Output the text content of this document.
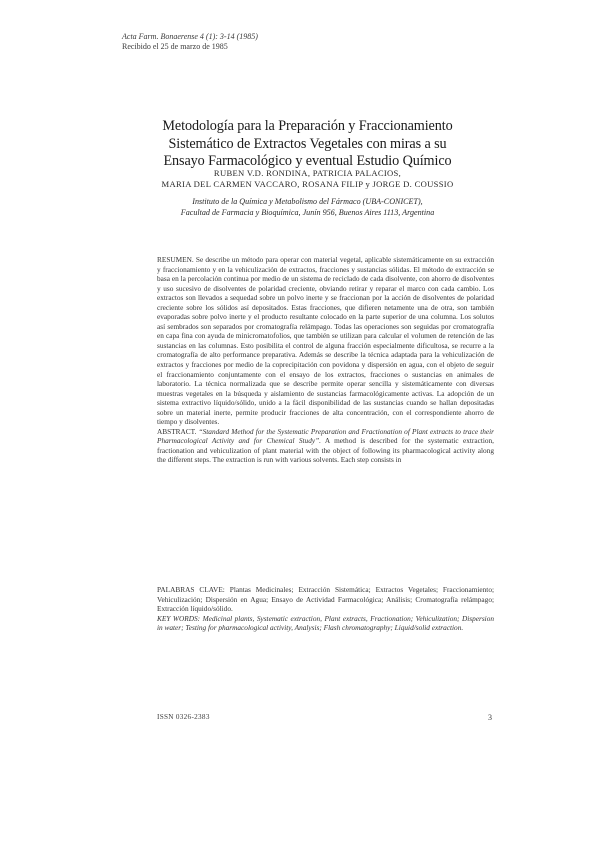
Acta Farm. Bonaerense 4 (1): 3-14 (1985)
Recibido el 25 de marzo de 1985
Metodología para la Preparación y Fraccionamiento
Sistemático de Extractos Vegetales con miras a su
Ensayo Farmacológico y eventual Estudio Químico
RUBEN V.D. RONDINA, PATRICIA PALACIOS,
MARIA DEL CARMEN VACCARO, ROSANA FILIP y JORGE D. COUSSIO
Instituto de la Química y Metabolismo del Fármaco (UBA-CONICET),
Facultad de Farmacia y Bioquímica, Junín 956, Buenos Aires 1113, Argentina

RESUMEN. Se describe un método para operar con material vegetal, aplicable sistemáticamente en su extracción y fraccionamiento y en la vehiculización de extractos, fracciones y sustancias sólidas. El método de extracción se basa en la percolación continua por medio de un sistema de reciclado de cada disolvente, con ahorro de disolventes y uso sucesivo de disolventes de polaridad creciente, obviando retirar y reparar el marco con cada cambio. Los extractos son llevados a sequedad sobre un polvo inerte y se fraccionan por la acción de disolventes de polaridad creciente sobre los sólidos así depositados. Estas fracciones, que difieren netamente una de otra, son también evaporadas sobre polvo inerte y el producto resultante colocado en la parte superior de una columna. Los solutos así sembrados son separados por cromatografía relámpago. Todas las operaciones son seguidas por cromatografía en capa fina con ayuda de minicromatofolios, que también se utilizan para calcular el volumen de retención de las sustancias en las columnas. Esto posibilita el control de alguna fracción especialmente dificultosa, se recurre a la cromatografía de alto performance preparativa. Además se describe la técnica adaptada para la vehiculización de extractos y fracciones por medio de la coprecipitación con povidona y dispersión en agua, con el objeto de seguir el fraccionamiento conjuntamente con el ensayo de los extractos, fracciones o sustancias en animales de laboratorio. La técnica normalizada que se describe permite operar sencilla y sistemáticamente con diversas muestras vegetales en la búsqueda y aislamiento de sustancias farmacológicamente activas. La adopción de un sistema extractivo líquido/sólido, unido a la fácil disponibilidad de las sustancias cuando se hallan depositadas sobre un material inerte, permite producir fracciones de alta concentración, con el correspondiente ahorro de tiempo y disolventes.

ABSTRACT. “Standard Method for the Systematic Preparation and Fractionation of Plant extracts to trace their Pharmacological Activity and for Chemical Study”. A method is described for the systematic extraction, fractionation and vehiculization of plant material with the object of following its pharmacological activity along the different steps. The extraction is run with various solvents. Each step consists in

PALABRAS CLAVE: Plantas Medicinales; Extracción Sistemática; Extractos Vegetales; Fraccionamiento; Vehiculización; Dispersión en Agua; Ensayo de Actividad Farmacológica; Análisis; Cromatografía relámpago; Extracción líquido/sólido.

KEY WORDS: Medicinal plants, Systematic extraction, Plant extracts, Fractionation; Vehiculization; Dispersion in water; Testing for pharmacological activity, Analysis; Flash chromatography; Liquid/solid extraction.

ISSN 0326-2383	3
